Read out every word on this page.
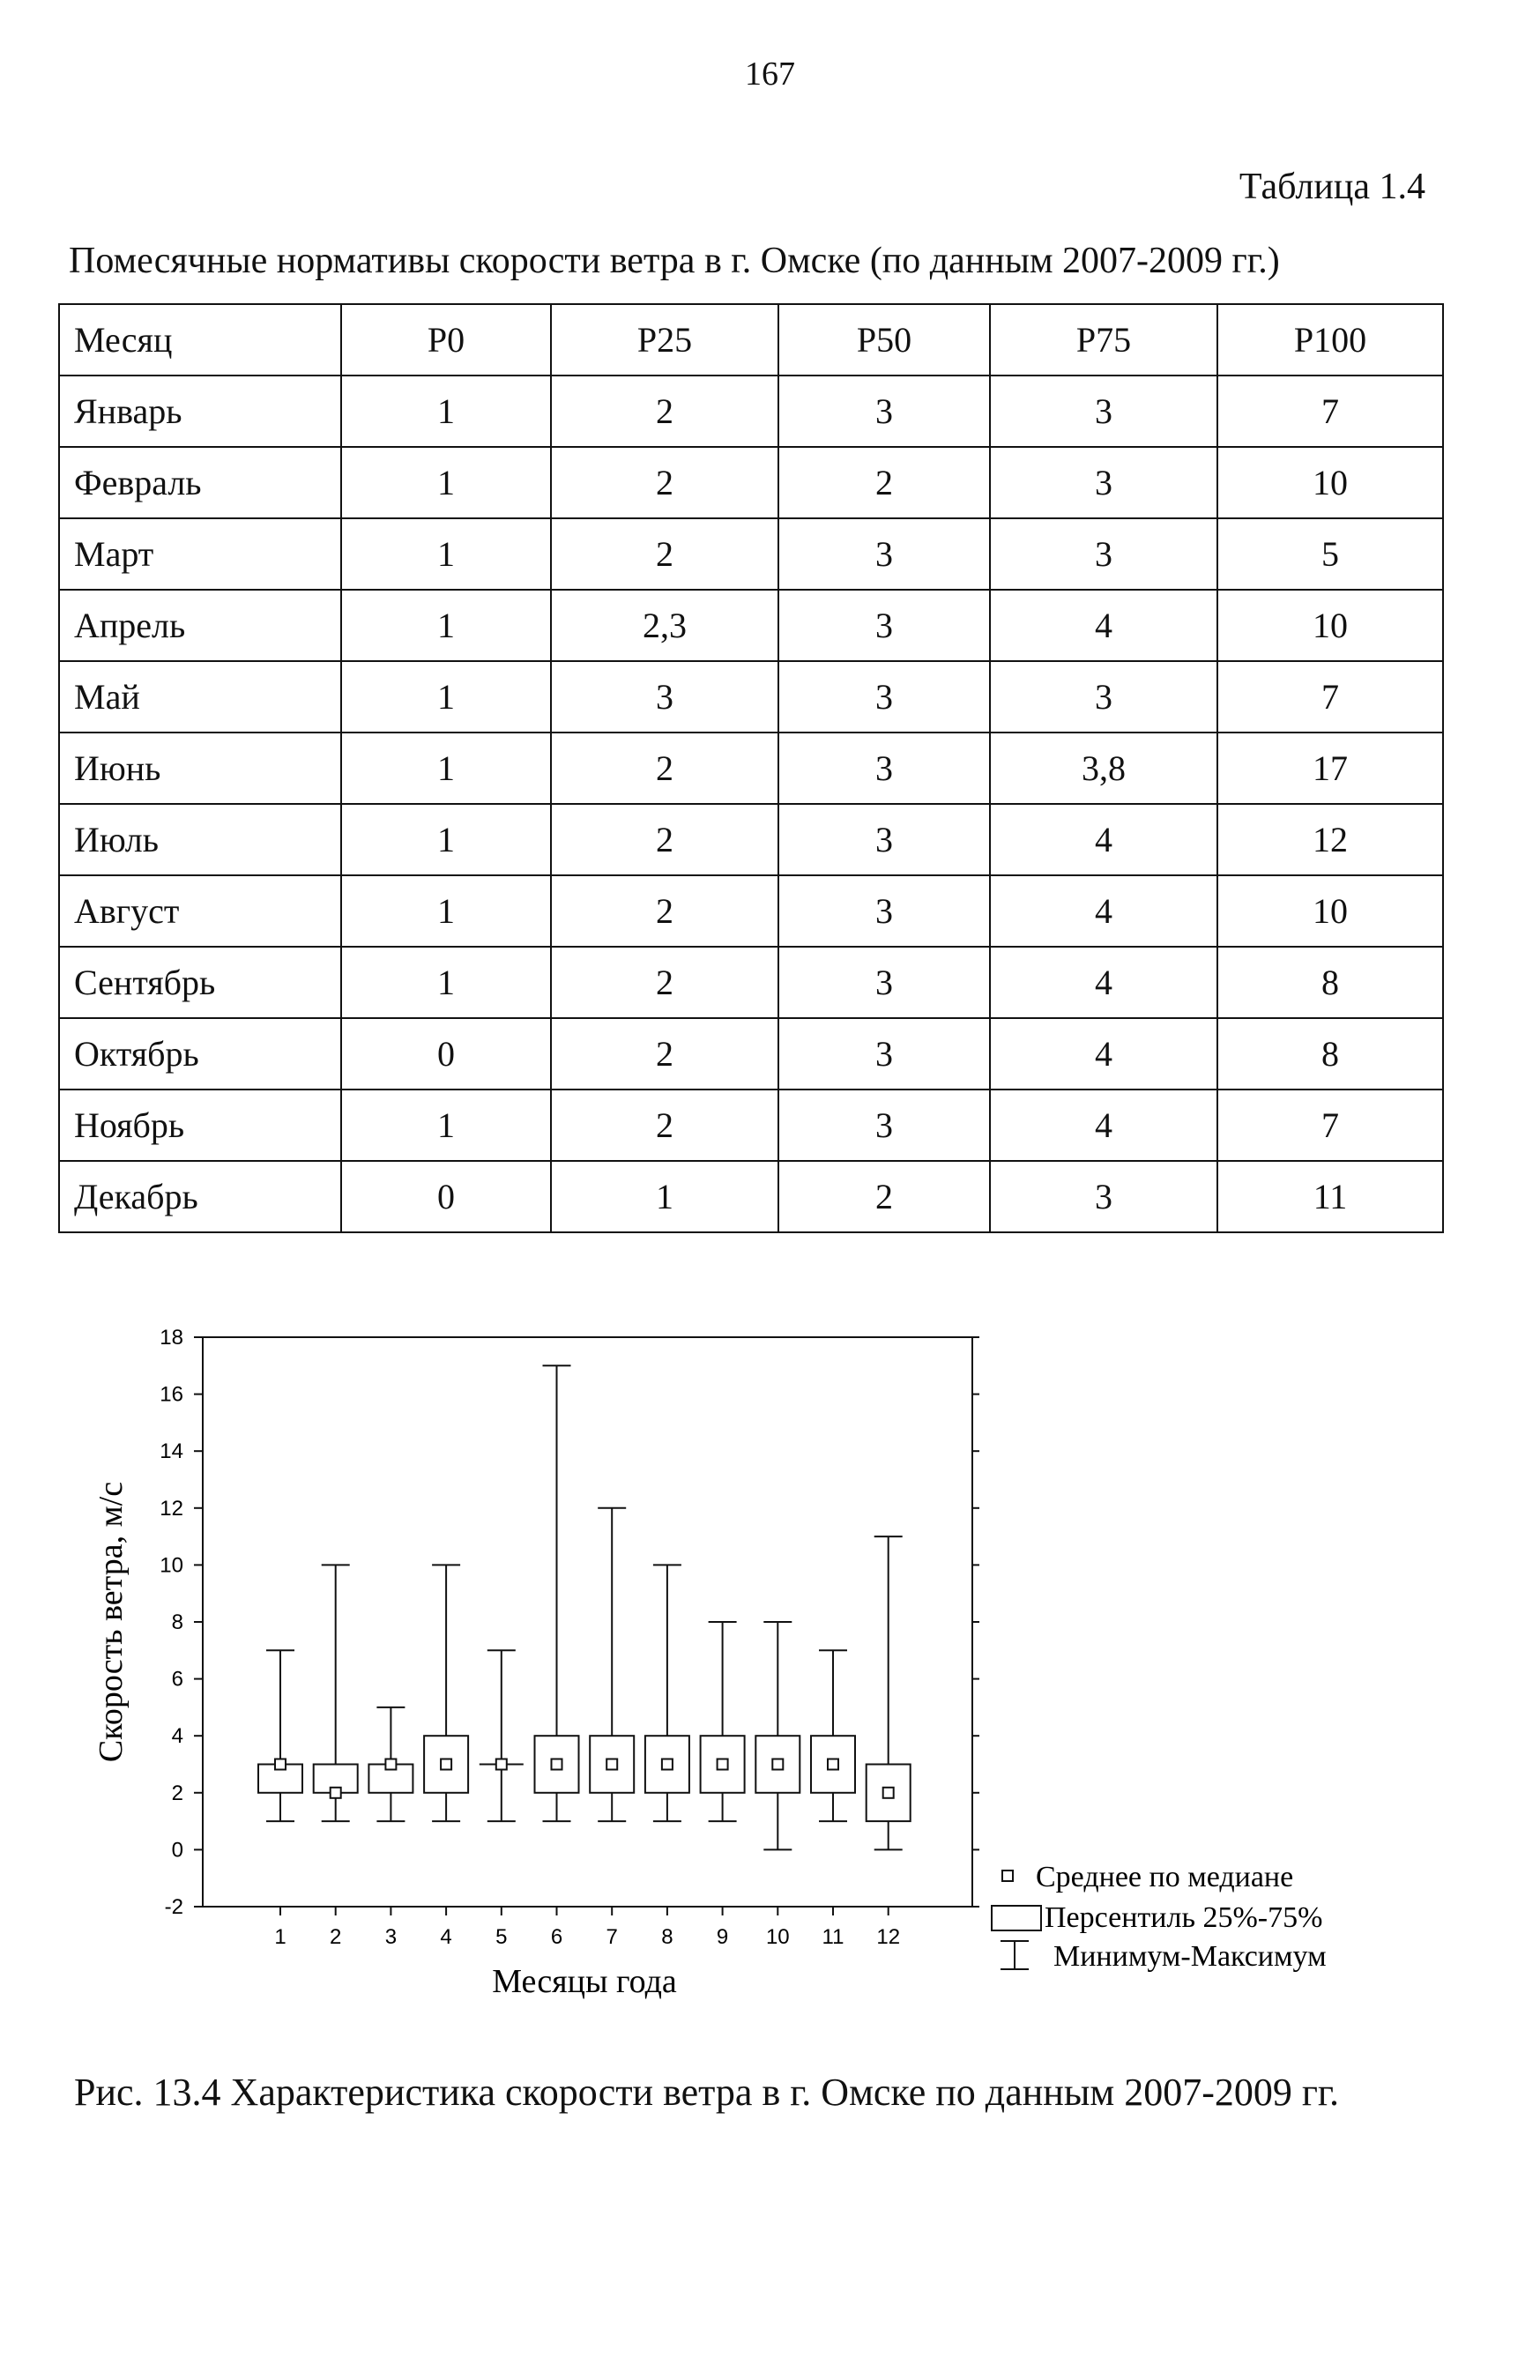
167
Таблица 1.4
Помесячные нормативы скорости ветра в г. Омске (по данным 2007-2009 гг.)
Месяц	P0	P25	P50	P75	P100
Январь	1	2	3	3	7
Февраль	1	2	2	3	10
Март	1	2	3	3	5
Апрель	1	2,3	3	4	10
Май	1	3	3	3	7
Июнь	1	2	3	3,8	17
Июль	1	2	3	4	12
Август	1	2	3	4	10
Сентябрь	1	2	3	4	8
Октябрь	0	2	3	4	8
Ноябрь	1	2	3	4	7
Декабрь	0	1	2	3	11
-2
0
2
4
6
8
10
12
14
16
18
1 2 3 4 5 6 7 8 9 10 11 12
Месяцы года
Скорость ветра, м/с
Среднее по медиане
Персентиль 25%-75%
Минимум-Максимум
Рис. 13.4 Характеристика скорости ветра в г. Омске по данным 2007-2009 гг.
